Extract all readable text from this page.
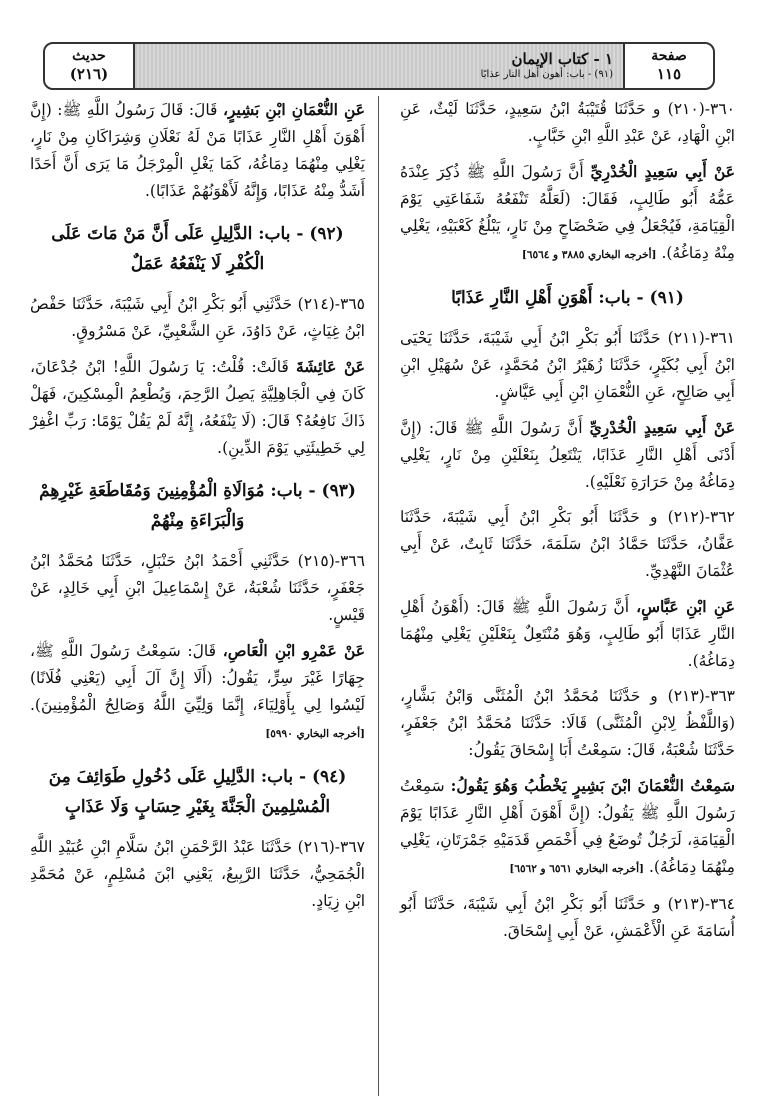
صفحة
١١٥
١ - كتاب الإيمان
(٩١) - باب: أهون أهل النار عذابًا
حديث
(٢١٦)

٣٦٠-(٢١٠) و حَدَّثَنَا قُتَيْبَةُ ابْنُ سَعِيدٍ، حَدَّثَنَا لَيْثٌ، عَنِ ابْنِ الْهَادِ، عَنْ عَبْدِ اللَّهِ ابْنِ خَبَّابٍ.

عَنْ أَبِي سَعِيدٍ الْخُدْرِيِّ أَنَّ رَسُولَ اللَّهِ ﷺ ذُكِرَ عِنْدَهُ عَمُّهُ أَبُو طَالِبٍ، فَقَالَ: (لَعَلَّهُ تَنْفَعُهُ شَفَاعَتِي يَوْمَ الْقِيَامَةِ، فَيُجْعَلُ فِي ضَحْضَاحٍ مِنْ نَارٍ، يَبْلُغُ كَعْبَيْهِ، يَغْلِي مِنْهُ دِمَاغُهُ). [أخرجه البخاري ٣٨٨٥ و ٦٥٦٤]

(٩١) - باب: أَهْوَنِ أَهْلِ النَّارِ عَذَابًا

٣٦١-(٢١١) حَدَّثَنَا أَبُو بَكْرِ ابْنُ أَبِي شَيْبَةَ، حَدَّثَنَا يَحْيَى ابْنُ أَبِي بُكَيْرٍ، حَدَّثَنَا زُهَيْرُ ابْنُ مُحَمَّدٍ، عَنْ سُهَيْلِ ابْنِ أَبِي صَالِحٍ، عَنِ النُّعْمَانِ ابْنِ أَبِي عَيَّاشٍ.

عَنْ أَبِي سَعِيدٍ الْخُدْرِيِّ أَنَّ رَسُولَ اللَّهِ ﷺ قَالَ: (إِنَّ أَدْنَى أَهْلِ النَّارِ عَذَابًا، يَنْتَعِلُ بِنَعْلَيْنِ مِنْ نَارٍ، يَغْلِي دِمَاغُهُ مِنْ حَرَارَةِ نَعْلَيْهِ).

٣٦٢-(٢١٢) و حَدَّثَنَا أَبُو بَكْرِ ابْنُ أَبِي شَيْبَةَ، حَدَّثَنَا عَفَّانُ، حَدَّثَنَا حَمَّادُ ابْنُ سَلَمَةَ، حَدَّثَنَا ثَابِتٌ، عَنْ أَبِي عُثْمَانَ النَّهْدِيِّ.

عَنِ ابْنِ عَبَّاسٍ، أَنَّ رَسُولَ اللَّهِ ﷺ قَالَ: (أَهْوَنُ أَهْلِ النَّارِ عَذَابًا أَبُو طَالِبٍ، وَهُوَ مُنْتَعِلٌ بِنَعْلَيْنِ يَغْلِي مِنْهُمَا دِمَاغُهُ).

٣٦٣-(٢١٣) و حَدَّثَنَا مُحَمَّدُ ابْنُ الْمُثَنَّى وَابْنُ بَشَّارٍ، (وَاللَّفْظُ لِابْنِ الْمُثَنَّى) قَالَا: حَدَّثَنَا مُحَمَّدُ ابْنُ جَعْفَرٍ، حَدَّثَنَا شُعْبَةُ، قَالَ: سَمِعْتُ أَبَا إِسْحَاقَ يَقُولُ:

سَمِعْتُ النُّعْمَانَ ابْنَ بَشِيرٍ يَخْطُبُ وَهُوَ يَقُولُ: سَمِعْتُ رَسُولَ اللَّهِ ﷺ يَقُولُ: (إِنَّ أَهْوَنَ أَهْلِ النَّارِ عَذَابًا يَوْمَ الْقِيَامَةِ، لَرَجُلٌ تُوضَعُ فِي أَخْمَصِ قَدَمَيْهِ جَمْرَتَانِ، يَغْلِي مِنْهُمَا دِمَاغُهُ). [أخرجه البخاري ٦٥٦١ و ٦٥٦٢]

٣٦٤-(٢١٣) و حَدَّثَنَا أَبُو بَكْرِ ابْنُ أَبِي شَيْبَةَ، حَدَّثَنَا أَبُو أُسَامَةَ عَنِ الْأَعْمَشِ، عَنْ أَبِي إِسْحَاقَ.

عَنِ النُّعْمَانِ ابْنِ بَشِيرٍ، قَالَ: قَالَ رَسُولُ اللَّهِ ﷺ: (إِنَّ أَهْوَنَ أَهْلِ النَّارِ عَذَابًا مَنْ لَهُ نَعْلَانِ وَشِرَاكَانِ مِنْ نَارٍ، يَغْلِي مِنْهُمَا دِمَاغُهُ، كَمَا يَغْلِ الْمِرْجَلُ مَا يَرَى أَنَّ أَحَدًا أَشَدُّ مِنْهُ عَذَابًا، وَإِنَّهُ لَأَهْوَنُهُمْ عَذَابًا).

(٩٢) - باب: الدَّلِيلِ عَلَى أَنَّ مَنْ مَاتَ عَلَى الْكُفْرِ لَا يَنْفَعُهُ عَمَلٌ

٣٦٥-(٢١٤) حَدَّثَنِي أَبُو بَكْرِ ابْنُ أَبِي شَيْبَةَ، حَدَّثَنَا حَفْصُ ابْنُ غِيَاثٍ، عَنْ دَاوُدَ، عَنِ الشَّعْبِيِّ، عَنْ مَسْرُوقٍ.

عَنْ عَائِشَةَ قَالَتْ: قُلْتُ: يَا رَسُولَ اللَّهِ! ابْنُ جُدْعَانَ، كَانَ فِي الْجَاهِلِيَّةِ يَصِلُ الرَّحِمَ، وَيُطْعِمُ الْمِسْكِينَ، فَهَلْ ذَاكَ نَافِعُهُ؟ قَالَ: (لَا يَنْفَعُهُ، إِنَّهُ لَمْ يَقُلْ يَوْمًا: رَبِّ اغْفِرْ لِي خَطِيئَتِي يَوْمَ الدِّينِ).

(٩٣) - باب: مُوَالَاةِ الْمُؤْمِنِينَ وَمُقَاطَعَةِ غَيْرِهِمْ وَالْبَرَاءَةِ مِنْهُمْ

٣٦٦-(٢١٥) حَدَّثَنِي أَحْمَدُ ابْنُ حَنْبَلٍ، حَدَّثَنَا مُحَمَّدُ ابْنُ جَعْفَرٍ، حَدَّثَنَا شُعْبَةُ، عَنْ إِسْمَاعِيلَ ابْنِ أَبِي خَالِدٍ، عَنْ قَيْسٍ.

عَنْ عَمْرِو ابْنِ الْعَاصِ، قَالَ: سَمِعْتُ رَسُولَ اللَّهِ ﷺ، جِهَارًا غَيْرَ سِرٍّ، يَقُولُ: (أَلَا إِنَّ آلَ أَبِي (يَعْنِي فُلَانًا) لَيْسُوا لِي بِأَوْلِيَاءَ، إِنَّمَا وَلِيِّيَ اللَّهُ وَصَالِحُ الْمُؤْمِنِينَ). [أخرجه البخاري ٥٩٩٠]

(٩٤) - باب: الدَّلِيلِ عَلَى دُخُولِ طَوَائِفَ مِنَ الْمُسْلِمِينَ الْجَنَّةَ بِغَيْرِ حِسَابٍ وَلَا عَذَابٍ

٣٦٧-(٢١٦) حَدَّثَنَا عَبْدُ الرَّحْمَنِ ابْنُ سَلَّامِ ابْنِ عُبَيْدِ اللَّهِ الْجُمَحِيُّ، حَدَّثَنَا الرَّبِيعُ، يَعْنِي ابْنَ مُسْلِمٍ، عَنْ مُحَمَّدِ ابْنِ زِيَادٍ.
